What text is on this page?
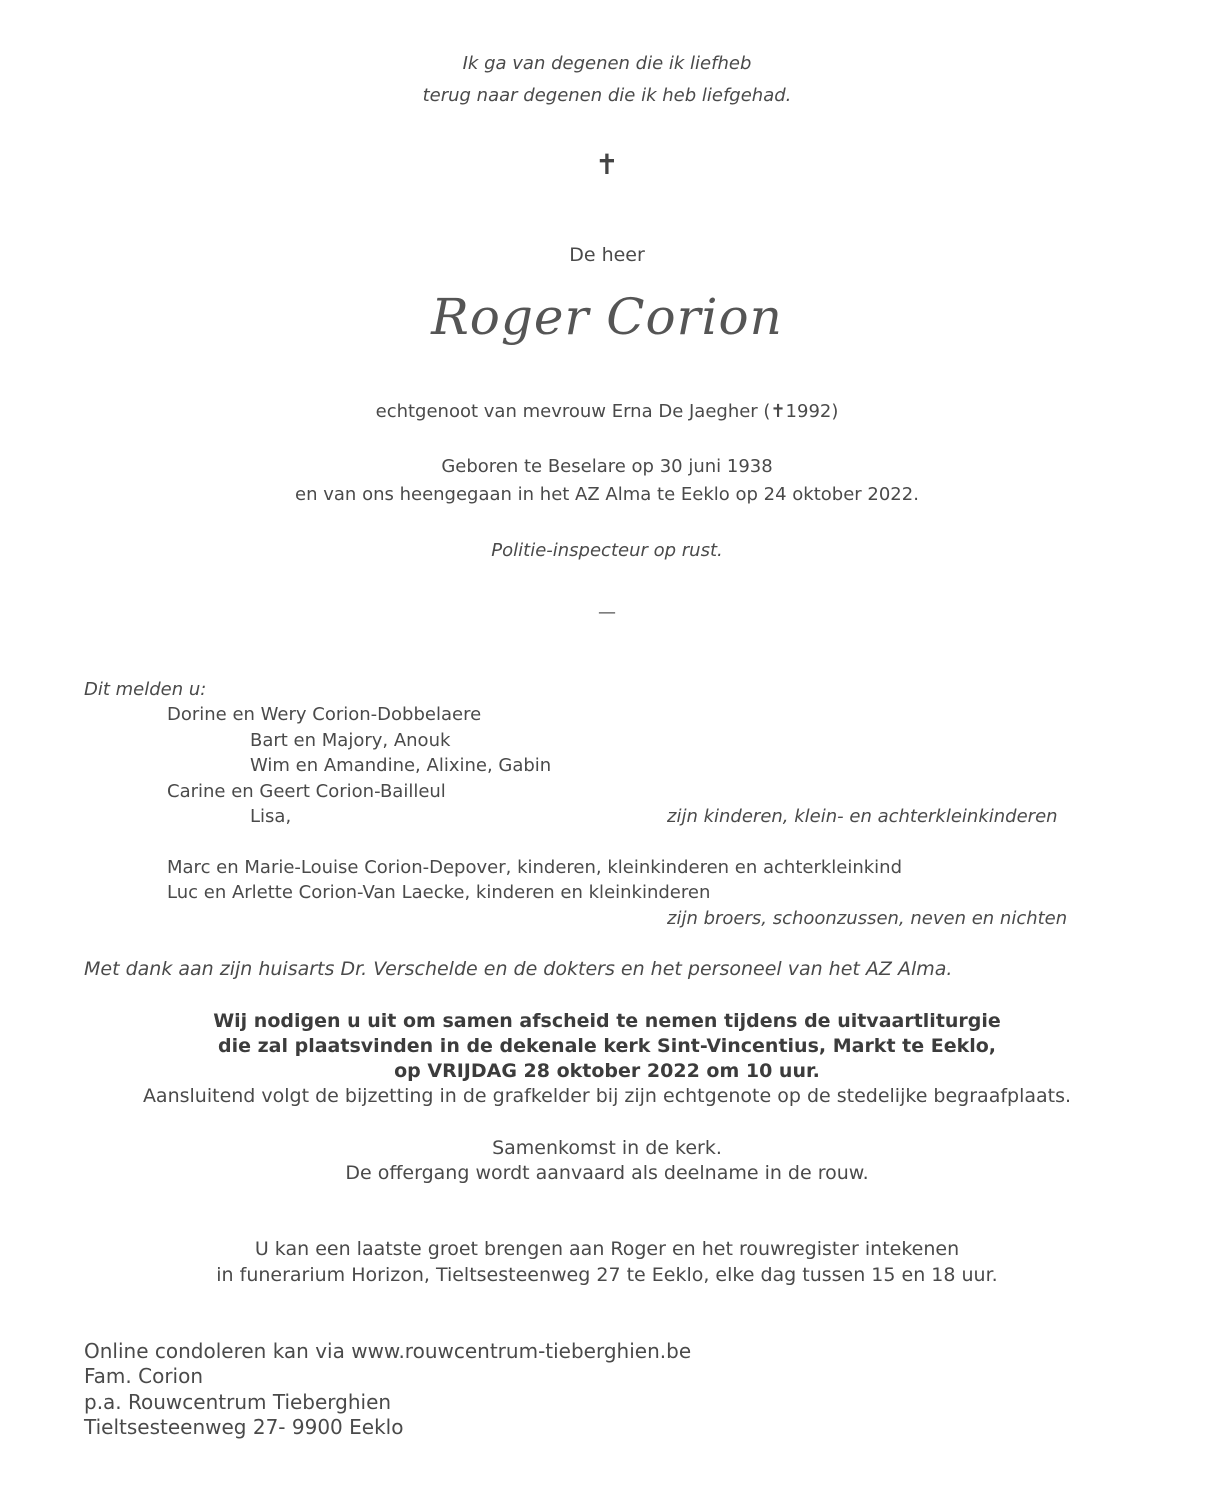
Ik ga van degenen die ik liefheb
terug naar degenen die ik heb liefgehad.
✝
De heer
Roger Corion
echtgenoot van mevrouw Erna De Jaegher (✝1992)
Geboren te Beselare op 30 juni 1938
en van ons heengegaan in het AZ Alma te Eeklo op 24 oktober 2022.
Politie-inspecteur op rust.
—
Dit melden u:
Dorine en Wery Corion-Dobbelaere
Bart en Majory, Anouk
Wim en Amandine, Alixine, Gabin
Carine en Geert Corion-Bailleul
Lisa,	zijn kinderen, klein- en achterkleinkinderen
Marc en Marie-Louise Corion-Depover, kinderen, kleinkinderen en achterkleinkind
Luc en Arlette Corion-Van Laecke, kinderen en kleinkinderen
zijn broers, schoonzussen, neven en nichten
Met dank aan zijn huisarts Dr. Verschelde en de dokters en het personeel van het AZ Alma.
Wij nodigen u uit om samen afscheid te nemen tijdens de uitvaartliturgie
die zal plaatsvinden in de dekenale kerk Sint-Vincentius, Markt te Eeklo,
op VRIJDAG 28 oktober 2022 om 10 uur.
Aansluitend volgt de bijzetting in de grafkelder bij zijn echtgenote op de stedelijke begraafplaats.
Samenkomst in de kerk.
De offergang wordt aanvaard als deelname in de rouw.
U kan een laatste groet brengen aan Roger en het rouwregister intekenen
in funerarium Horizon, Tieltsesteenweg 27 te Eeklo, elke dag tussen 15 en 18 uur.
Online condoleren kan via www.rouwcentrum-tieberghien.be
Fam. Corion
p.a. Rouwcentrum Tieberghien
Tieltsesteenweg 27- 9900 Eeklo
